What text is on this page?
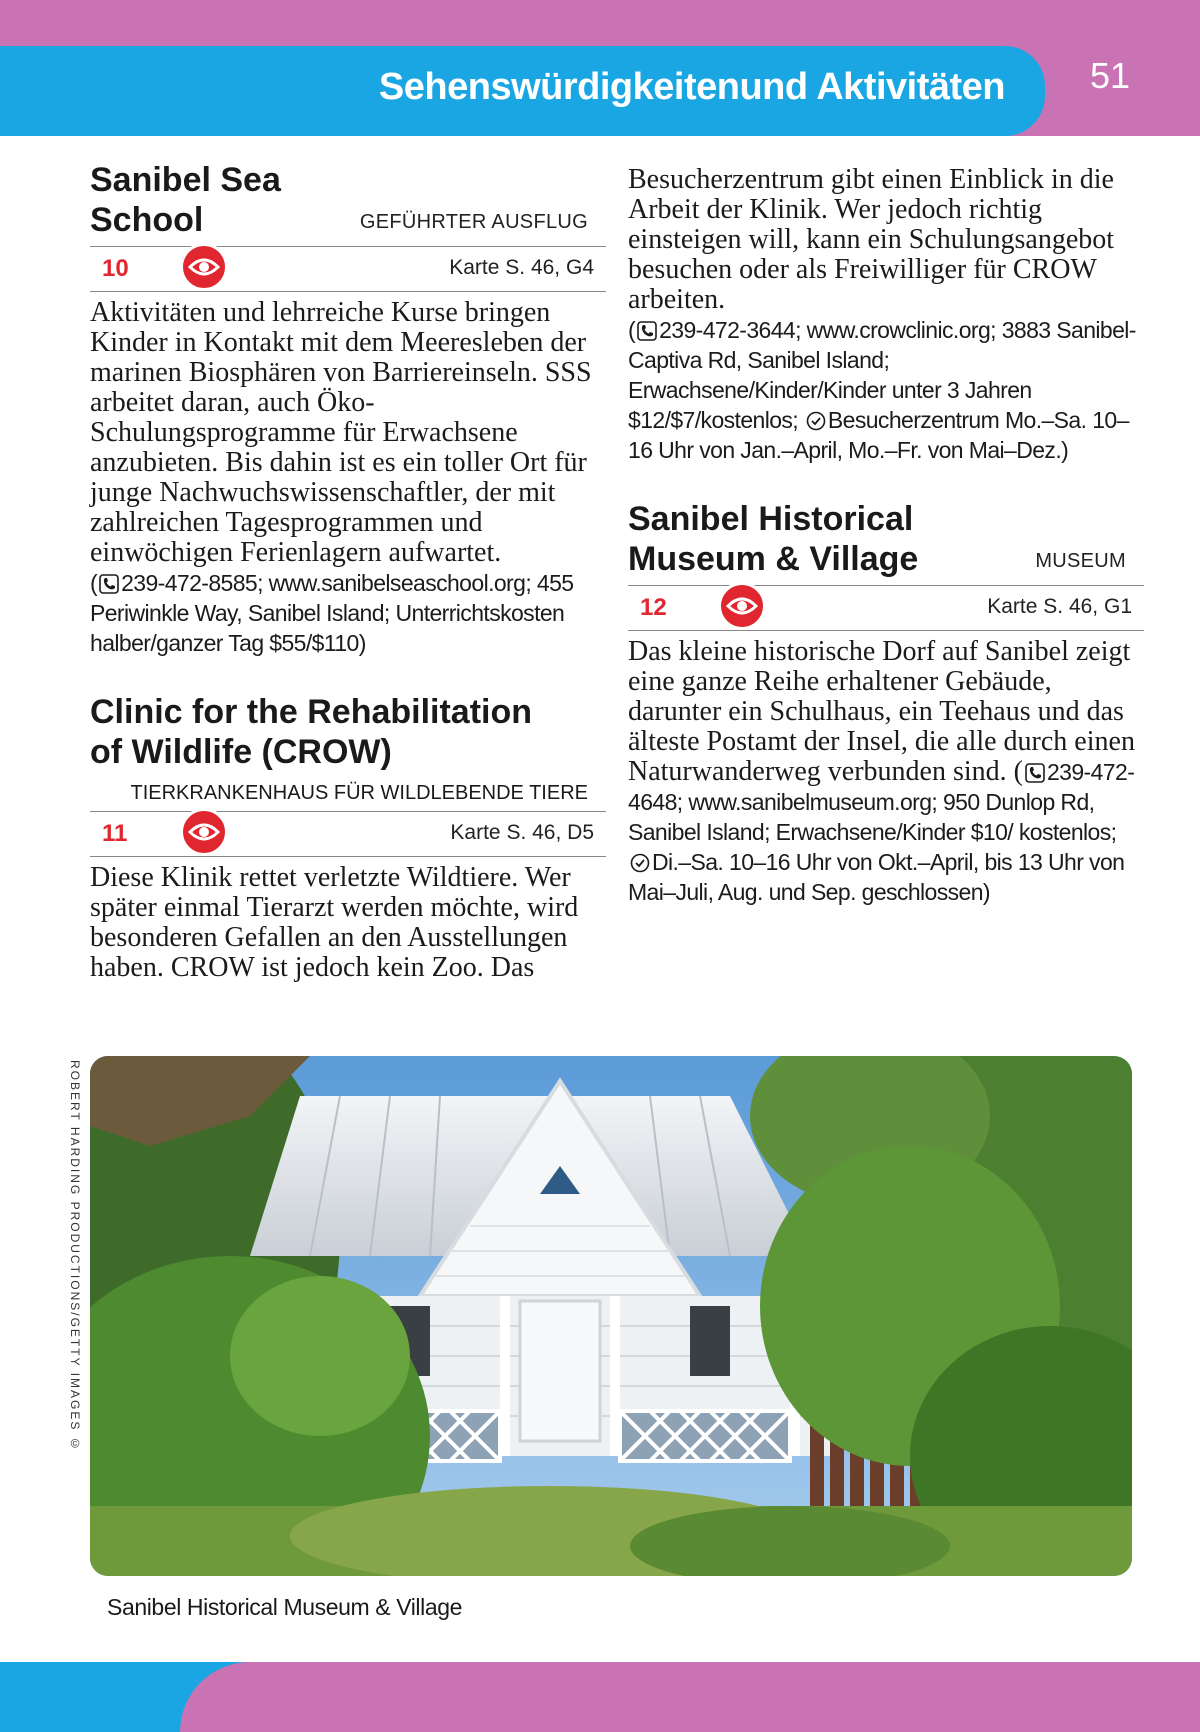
Sehenswürdigkeitenund Aktivitäten 51
Sanibel Sea
School	GEFÜHRTER AUSFLUG
10	Karte S. 46, G4

Aktivitäten und lehrreiche Kurse bringen Kinder in Kontakt mit dem Meeresleben der marinen Biosphären von Barriereinseln. SSS arbeitet daran, auch Öko-Schulungsprogramme für Erwachsene anzubieten. Bis dahin ist es ein toller Ort für junge Nachwuchswissenschaftler, der mit zahlreichen Tagesprogrammen und einwöchigen Ferienlagern aufwartet.

( 239-472-8585; www.sanibelseaschool.org; 455 Periwinkle Way, Sanibel Island; Unterrichtskosten halber/ganzer Tag $55/$110)

Clinic for the Rehabilitation
of Wildlife (CROW)
TIERKRANKENHAUS FÜR WILDLEBENDE TIERE
11	Karte S. 46, D5

Diese Klinik rettet verletzte Wildtiere. Wer später einmal Tierarzt werden möchte, wird besonderen Gefallen an den Ausstellungen haben. CROW ist jedoch kein Zoo. Das

Besucherzentrum gibt einen Einblick in die Arbeit der Klinik. Wer jedoch richtig einsteigen will, kann ein Schulungsangebot besuchen oder als Freiwilliger für CROW arbeiten.

( 239-472-3644; www.crowclinic.org; 3883 Sanibel-Captiva Rd, Sanibel Island; Erwachsene/Kinder/Kinder unter 3 Jahren $12/$7/kostenlos; Besucherzentrum Mo.–Sa. 10–16 Uhr von Jan.–April, Mo.–Fr. von Mai–Dez.)

Sanibel Historical
Museum & Village	MUSEUM
12	Karte S. 46, G1

Das kleine historische Dorf auf Sanibel zeigt eine ganze Reihe erhaltener Gebäude, darunter ein Schulhaus, ein Teehaus und das älteste Postamt der Insel, die alle durch einen Naturwanderweg verbunden sind. ( 239-472-4648; www.sanibelmuseum.org; 950 Dunlop Rd, Sanibel Island; Erwachsene/Kinder $10/ kostenlos; Di.–Sa. 10–16 Uhr von Okt.–April, bis 13 Uhr von Mai–Juli, Aug. und Sep. geschlossen)

ROBERT HARDING PRODUCTIONS/GETTY IMAGES ©
Sanibel Historical Museum & Village
